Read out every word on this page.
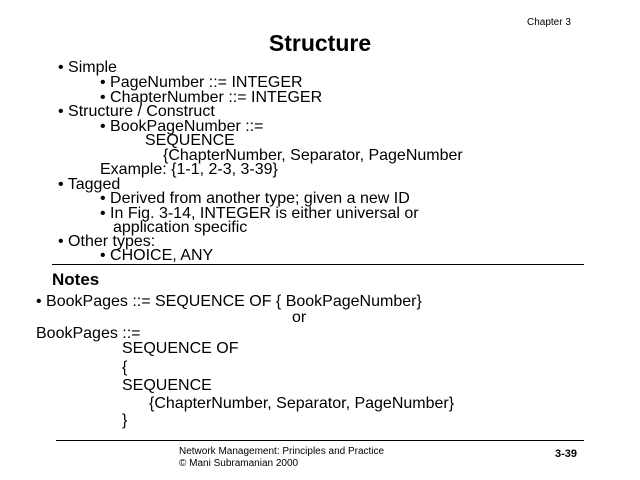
Chapter 3
Structure
• Simple
• PageNumber ::= INTEGER
• ChapterNumber ::= INTEGER
• Structure / Construct
• BookPageNumber ::=
SEQUENCE
{ChapterNumber, Separator, PageNumber
Example: {1-1, 2-3, 3-39}
• Tagged
• Derived from another type; given a new ID
• In Fig. 3-14, INTEGER is either universal or
application specific
• Other types:
• CHOICE, ANY
Notes
• BookPages ::= SEQUENCE OF { BookPageNumber}
or
BookPages ::=
SEQUENCE OF
{
SEQUENCE
{ChapterNumber, Separator, PageNumber}
}
Network Management: Principles and Practice
© Mani Subramanian 2000
3-39
